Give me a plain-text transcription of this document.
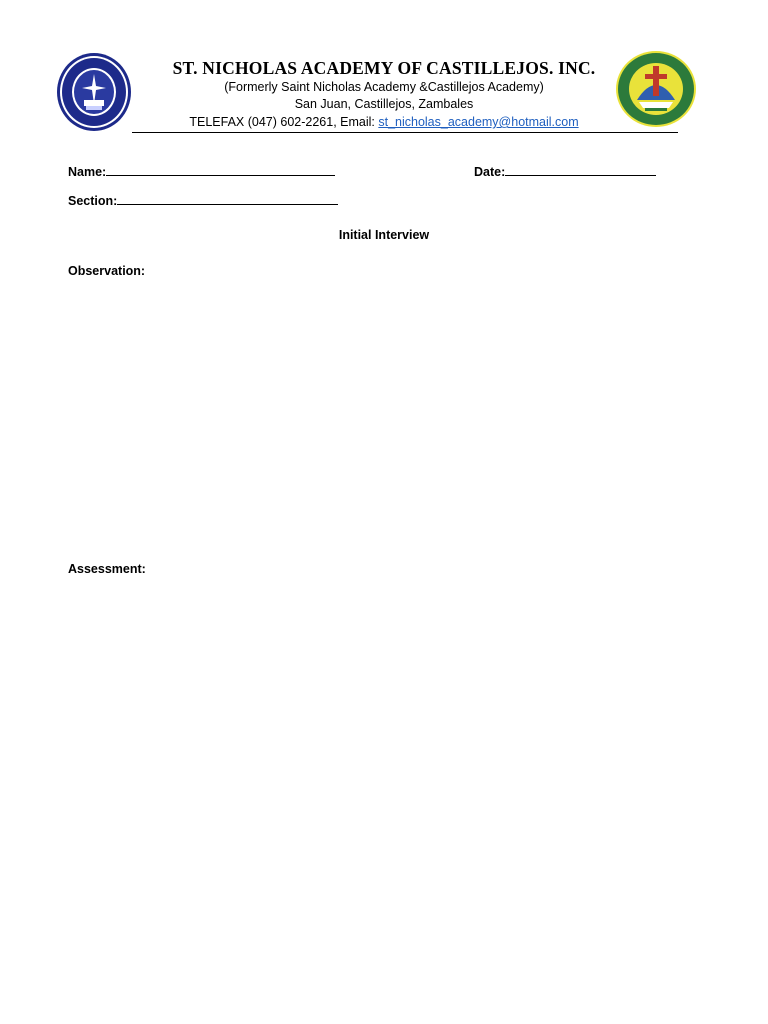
ST. NICHOLAS ACADEMY OF CASTILLEJOS. INC.
(Formerly Saint Nicholas Academy &Castillejos Academy)
San Juan, Castillejos, Zambales
TELEFAX (047) 602-2261, Email: st_nicholas_academy@hotmail.com
Name:	Date:
Section:
Initial Interview
Observation:
Assessment:
